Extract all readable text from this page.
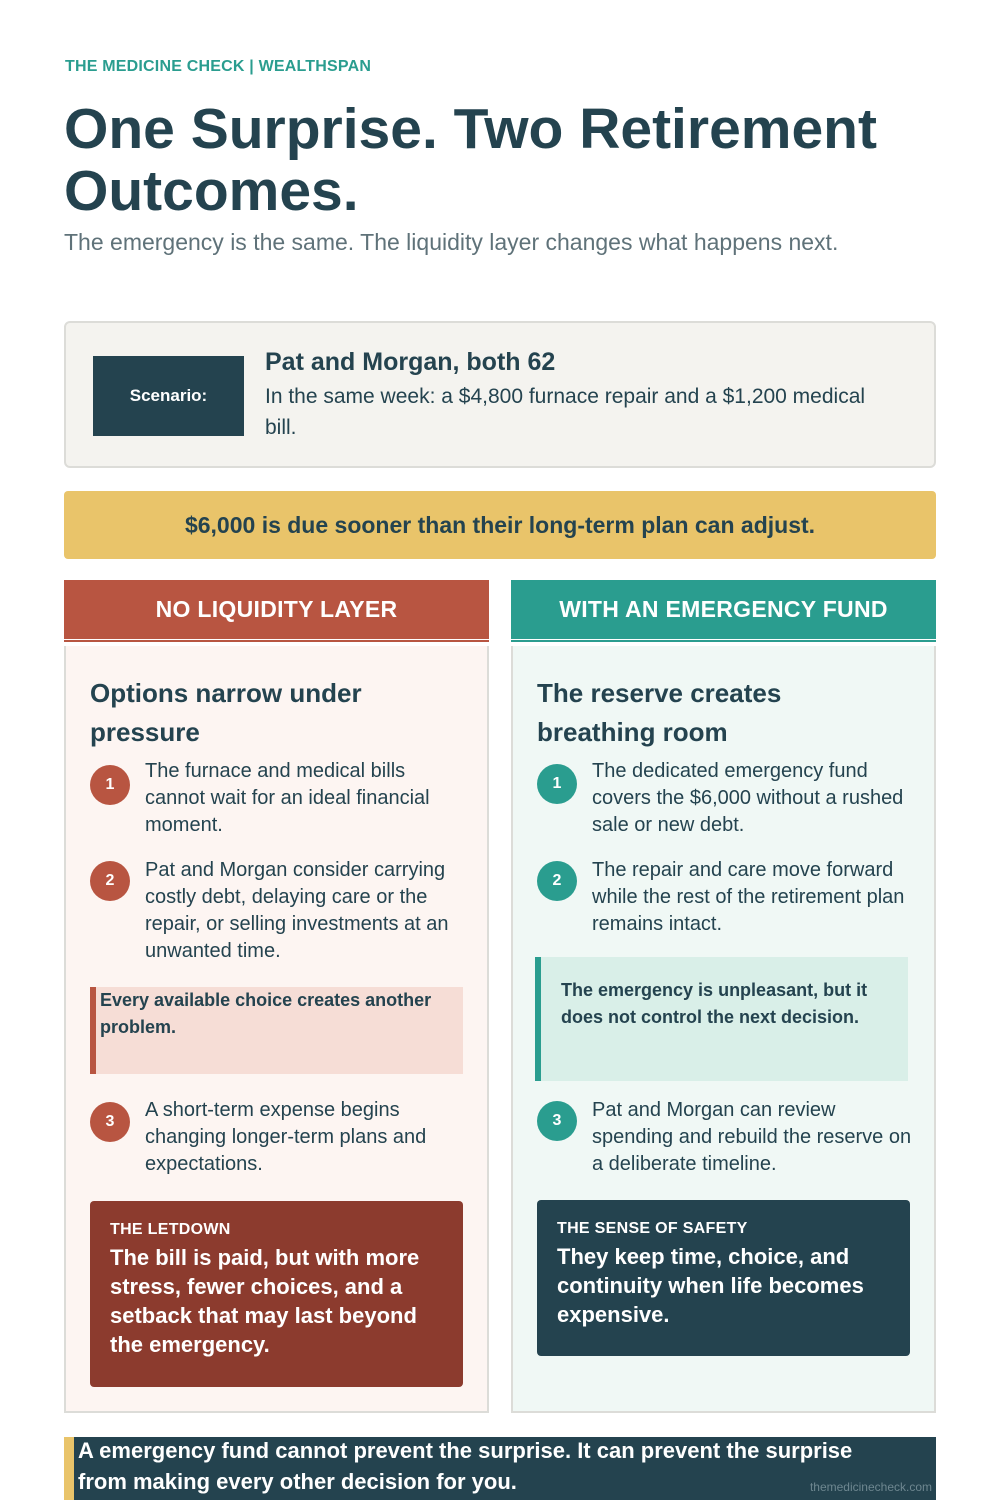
THE MEDICINE CHECK | WEALTHSPAN
One Surprise. Two Retirement Outcomes.

The emergency is the same. The liquidity layer changes what happens next.

Scenario:
Pat and Morgan, both 62
In the same week: a $4,800 furnace repair and a $1,200 medical bill.
$6,000 is due sooner than their long-term plan can adjust.
NO LIQUIDITY LAYER
Options narrow under pressure
1
The furnace and medical bills cannot wait for an ideal financial moment.
2	Pat and Morgan consider carrying costly debt, delaying care or the repair, or selling investments at an unwanted time.
Every available choice creates another problem.
3
A short-term expense begins changing longer-term plans and expectations.
THE LETDOWN
The bill is paid, but with more stress, fewer choices, and a setback that may last beyond the emergency.
WITH AN EMERGENCY FUND
The reserve creates breathing room
1
The dedicated emergency fund covers the $6,000 without a rushed sale or new debt.
2	The repair and care move forward while the rest of the retirement plan remains intact.
The emergency is unpleasant, but it does not control the next decision.
3	Pat and Morgan can review spending and rebuild the reserve on a deliberate timeline.
THE SENSE OF SAFETY
They keep time, choice, and continuity when life becomes expensive.
A emergency fund cannot prevent the surprise. It can prevent the surprise from making every other decision for you.	themedicinecheck.com
